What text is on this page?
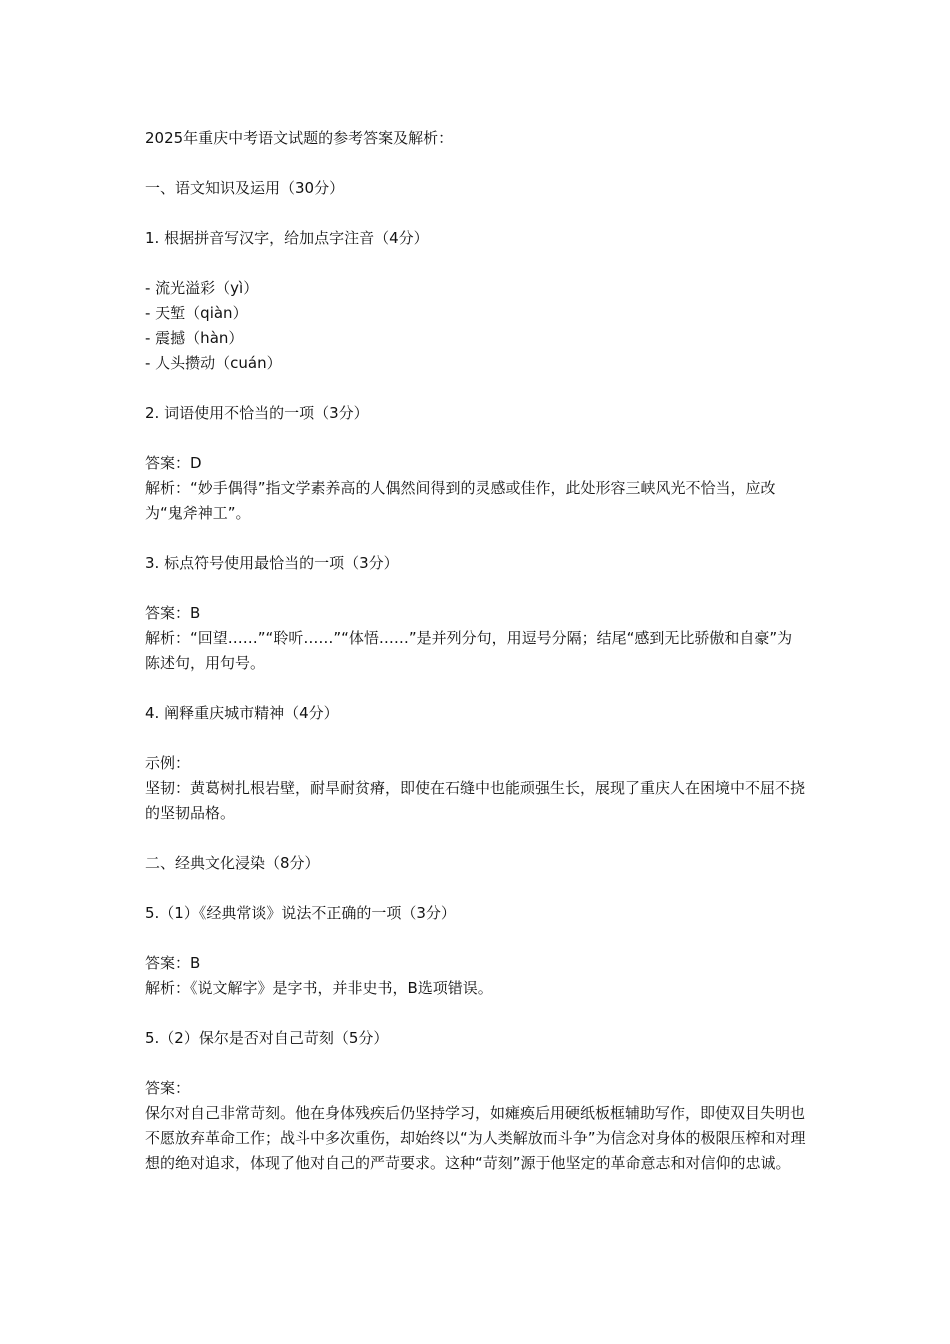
2025年重庆中考语文试题的参考答案及解析：

一、语文知识及运用（30分）

1. 根据拼音写汉字，给加点字注音（4分）

- 流光溢彩（yì）

- 天堑（qiàn）

- 震撼（hàn）

- 人头攒动（cuán）

2. 词语使用不恰当的一项（3分）

答案：D

解析：“妙手偶得”指文学素养高的人偶然间得到的灵感或佳作，此处形容三峡风光不恰当，应改为“鬼斧神工”。

3. 标点符号使用最恰当的一项（3分）

答案：B

解析：“回望……”“聆听……”“体悟……”是并列分句，用逗号分隔；结尾“感到无比骄傲和自豪”为陈述句，用句号。

4. 阐释重庆城市精神（4分）

示例：

坚韧：黄葛树扎根岩壁，耐旱耐贫瘠，即使在石缝中也能顽强生长，展现了重庆人在困境中不屈不挠的坚韧品格。

二、经典文化浸染（8分）

5.（1）《经典常谈》说法不正确的一项（3分）

答案：B

解析：《说文解字》是字书，并非史书，B选项错误。

5.（2）保尔是否对自己苛刻（5分）

答案：

保尔对自己非常苛刻。他在身体残疾后仍坚持学习，如瘫痪后用硬纸板框辅助写作，即使双目失明也不愿放弃革命工作；战斗中多次重伤，却始终以“为人类解放而斗争”为信念对身体的极限压榨和对理想的绝对追求，体现了他对自己的严苛要求。这种“苛刻”源于他坚定的革命意志和对信仰的忠诚。
